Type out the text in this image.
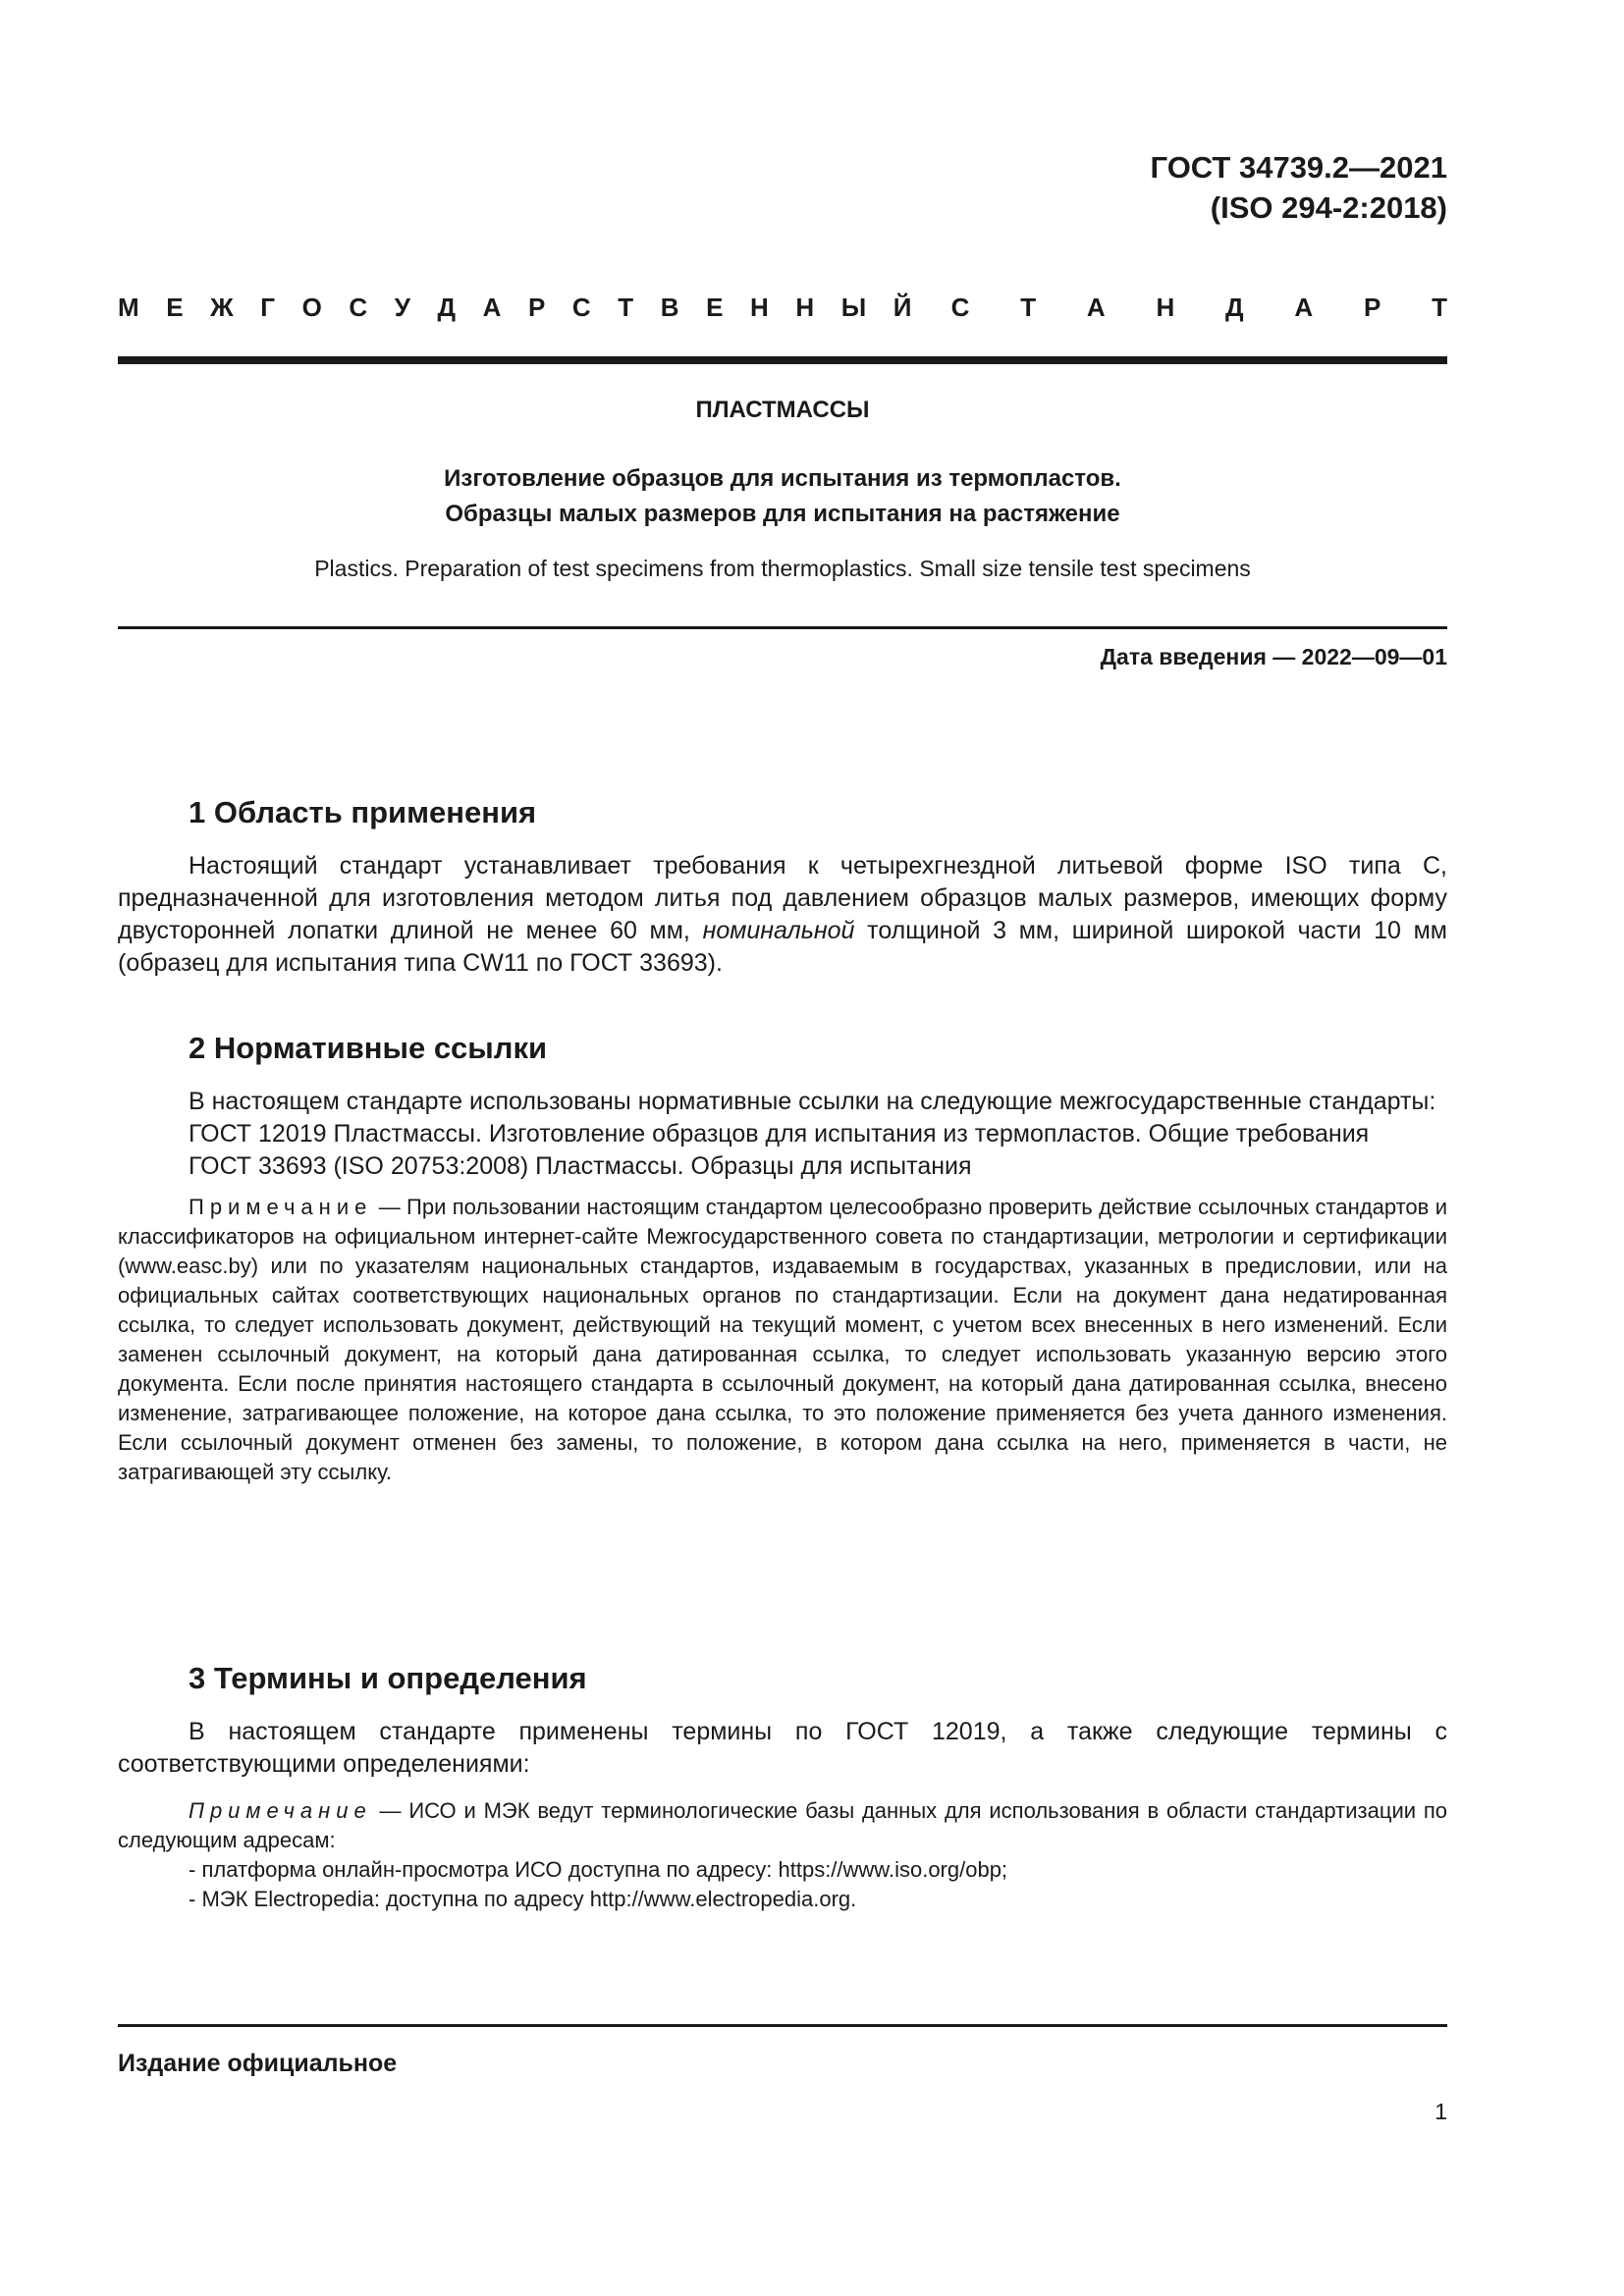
ГОСТ 34739.2—2021
(ISO 294-2:2018)
М Е Ж Г О С У Д А Р С Т В Е Н Н Ы Й С Т А Н Д А Р Т
ПЛАСТМАССЫ
Изготовление образцов для испытания из термопластов.
Образцы малых размеров для испытания на растяжение
Plastics. Preparation of test specimens from thermoplastics. Small size tensile test specimens
Дата введения — 2022—09—01
1 Область применения

Настоящий стандарт устанавливает требования к четырехгнездной литьевой форме ISO типа С, предназначенной для изготовления методом литья под давлением образцов малых размеров, имеющих форму двусторонней лопатки длиной не менее 60 мм, номинальной толщиной 3 мм, шириной широкой части 10 мм (образец для испытания типа CW11 по ГОСТ 33693).

2 Нормативные ссылки

В настоящем стандарте использованы нормативные ссылки на следующие межгосударственные стандарты:

ГОСТ 12019 Пластмассы. Изготовление образцов для испытания из термопластов. Общие требования

ГОСТ 33693 (ISO 20753:2008) Пластмассы. Образцы для испытания

Примечание — При пользовании настоящим стандартом целесообразно проверить действие ссылочных стандартов и классификаторов на официальном интернет-сайте Межгосударственного совета по стандартизации, метрологии и сертификации (www.easc.by) или по указателям национальных стандартов, издаваемым в государствах, указанных в предисловии, или на официальных сайтах соответствующих национальных органов по стандартизации. Если на документ дана недатированная ссылка, то следует использовать документ, действующий на текущий момент, с учетом всех внесенных в него изменений. Если заменен ссылочный документ, на который дана датированная ссылка, то следует использовать указанную версию этого документа. Если после принятия настоящего стандарта в ссылочный документ, на который дана датированная ссылка, внесено изменение, затрагивающее положение, на которое дана ссылка, то это положение применяется без учета данного изменения. Если ссылочный документ отменен без замены, то положение, в котором дана ссылка на него, применяется в части, не затрагивающей эту ссылку.

3 Термины и определения

В настоящем стандарте применены термины по ГОСТ 12019, а также следующие термины с соответствующими определениями:

Примечание — ИСО и МЭК ведут терминологические базы данных для использования в области стандартизации по следующим адресам:

- платформа онлайн-просмотра ИСО доступна по адресу: https://www.iso.org/obp;
- МЭК Electropedia: доступна по адресу http://www.electropedia.org.
Издание официальное
1
